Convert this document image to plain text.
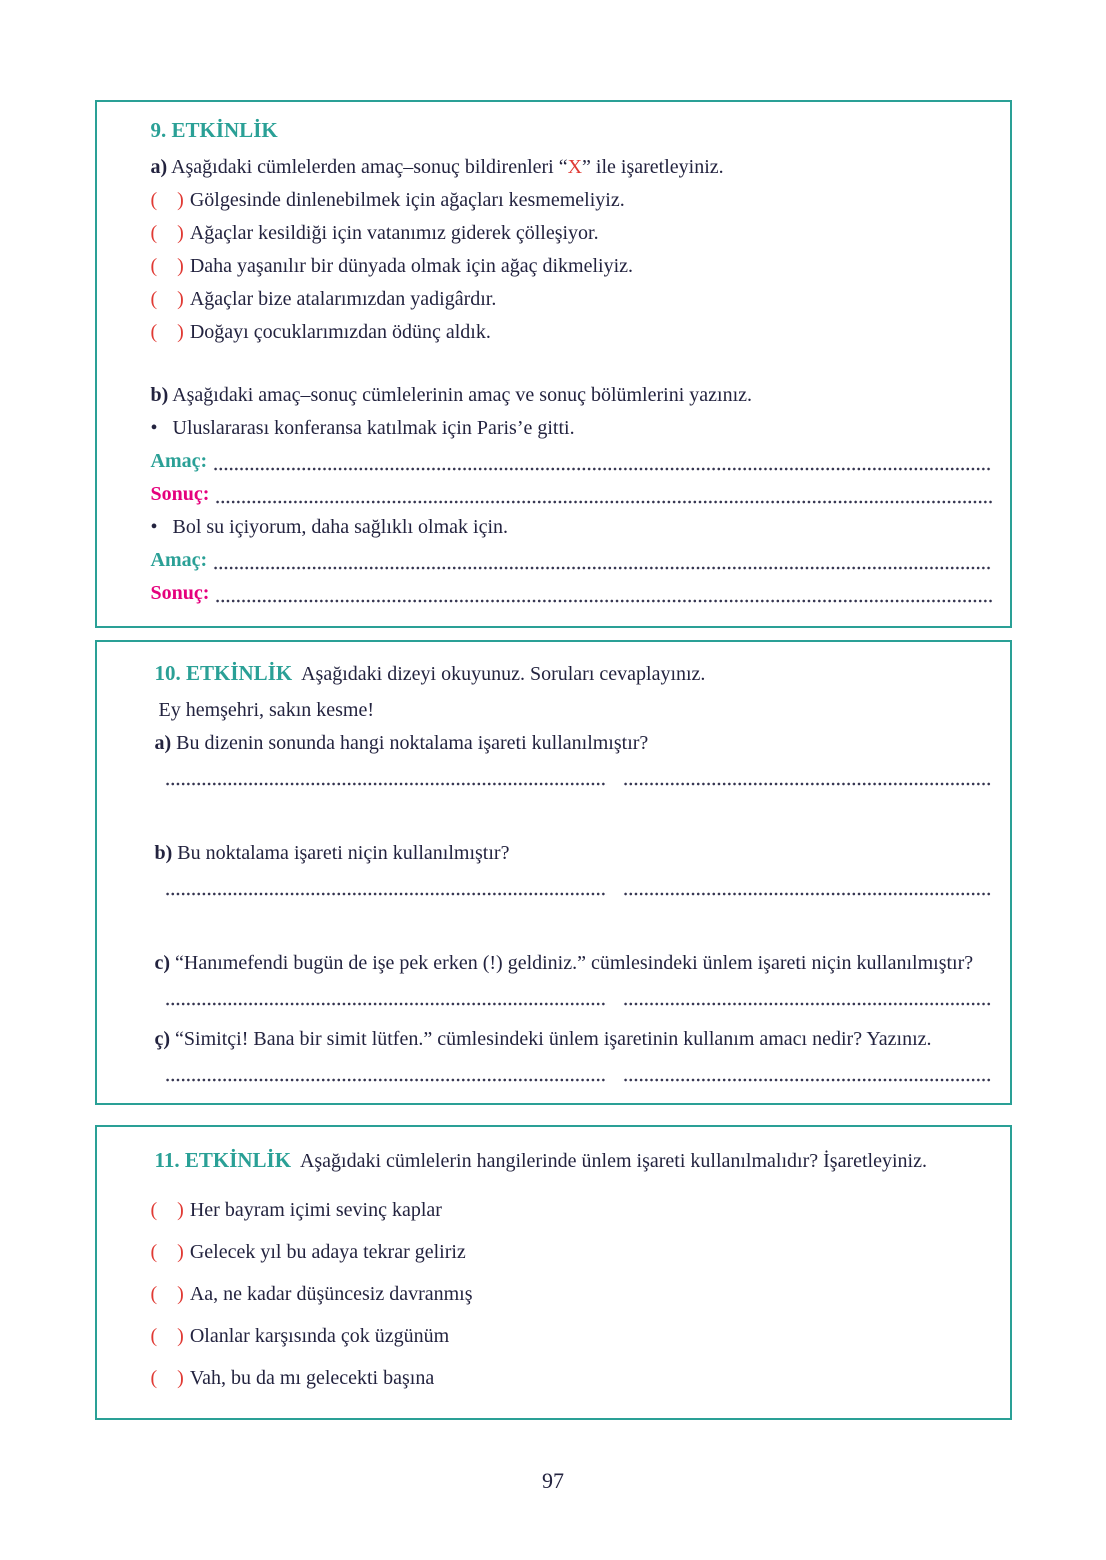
9. ETKİNLİK

a) Aşağıdaki cümlelerden amaç–sonuç bildirenleri “X” ile işaretleyiniz.

( ) Gölgesinde dinlenebilmek için ağaçları kesmemeliyiz.

( ) Ağaçlar kesildiği için vatanımız giderek çölleşiyor.

( ) Daha yaşanılır bir dünyada olmak için ağaç dikmeliyiz.

( ) Ağaçlar bize atalarımızdan yadigârdır.

( ) Doğayı çocuklarımızdan ödünç aldık.

b) Aşağıdaki amaç–sonuç cümlelerinin amaç ve sonuç bölümlerini yazınız.

• Uluslararası konferansa katılmak için Paris’e gitti.

Amaç:

Sonuç:

• Bol su içiyorum, daha sağlıklı olmak için.

Amaç:

Sonuç:

10. ETKİNLİK Aşağıdaki dizeyi okuyunuz. Soruları cevaplayınız.

Ey hemşehri, sakın kesme!

a) Bu dizenin sonunda hangi noktalama işareti kullanılmıştır?

b) Bu noktalama işareti niçin kullanılmıştır?

c) “Hanımefendi bugün de işe pek erken (!) geldiniz.” cümlesindeki ünlem işareti niçin kullanılmıştır?

ç) “Simitçi! Bana bir simit lütfen.” cümlesindeki ünlem işaretinin kullanım amacı nedir? Yazınız.

11. ETKİNLİK Aşağıdaki cümlelerin hangilerinde ünlem işareti kullanılmalıdır? İşaretleyiniz.

( ) Her bayram içimi sevinç kaplar

( ) Gelecek yıl bu adaya tekrar geliriz

( ) Aa, ne kadar düşüncesiz davranmış

( ) Olanlar karşısında çok üzgünüm

( ) Vah, bu da mı gelecekti başına

97
